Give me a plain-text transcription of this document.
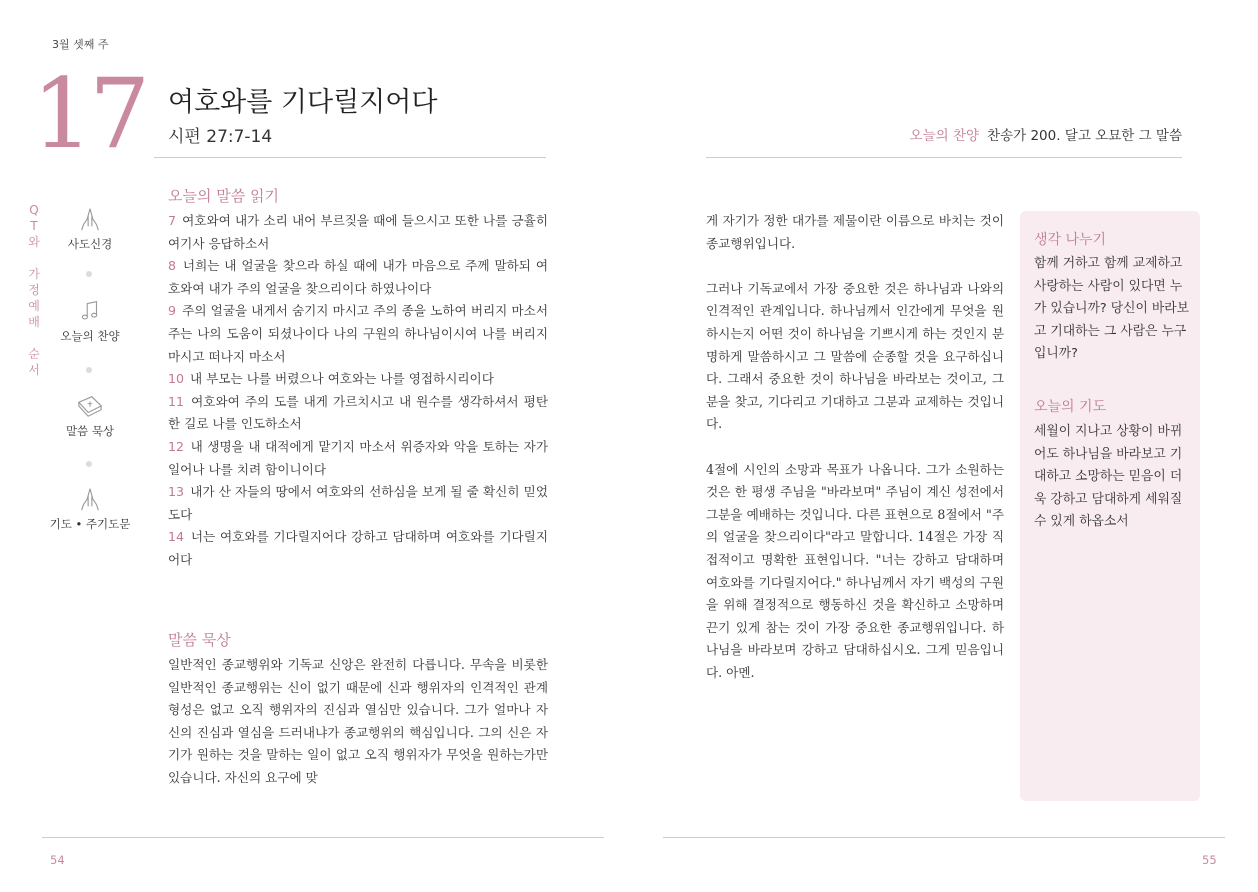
3월 셋째 주
17 여호와를 기다릴지어다
시편 27:7-14	오늘의 찬양 찬송가 200. 달고 오묘한 그 말씀
Q
T
와
가
정
예
배
순
서
사도신경
오늘의 찬양
말씀 묵상
기도 • 주기도문
오늘의 말씀 읽기

7 여호와여 내가 소리 내어 부르짖을 때에 들으시고 또한 나를 긍휼히 여기사 응답하소서

8 너희는 내 얼굴을 찾으라 하실 때에 내가 마음으로 주께 말하되 여호와여 내가 주의 얼굴을 찾으리이다 하였나이다

9 주의 얼굴을 내게서 숨기지 마시고 주의 종을 노하여 버리지 마소서 주는 나의 도움이 되셨나이다 나의 구원의 하나님이시여 나를 버리지 마시고 떠나지 마소서

10 내 부모는 나를 버렸으나 여호와는 나를 영접하시리이다

11 여호와여 주의 도를 내게 가르치시고 내 원수를 생각하셔서 평탄한 길로 나를 인도하소서

12 내 생명을 내 대적에게 맡기지 마소서 위증자와 악을 토하는 자가 일어나 나를 치려 함이니이다

13 내가 산 자들의 땅에서 여호와의 선하심을 보게 될 줄 확신히 믿었도다

14 너는 여호와를 기다릴지어다 강하고 담대하며 여호와를 기다릴지어다

말씀 묵상
일반적인 종교행위와 기독교 신앙은 완전히 다릅니다. 무속을 비롯한 일반적인 종교행위는 신이 없기 때문에 신과 행위자의 인격적인 관계 형성은 없고 오직 행위자의 진심과 열심만 있습니다. 그가 얼마나 자신의 진심과 열심을 드러내냐가 종교행위의 핵심입니다. 그의 신은 자기가 원하는 것을 말하는 일이 없고 오직 행위자가 무엇을 원하는가만 있습니다. 자신의 요구에 맞

게 자기가 정한 대가를 제물이란 이름으로 바치는 것이 종교행위입니다.

그러나 기독교에서 가장 중요한 것은 하나님과 나와의 인격적인 관계입니다. 하나님께서 인간에게 무엇을 원하시는지 어떤 것이 하나님을 기쁘시게 하는 것인지 분명하게 말씀하시고 그 말씀에 순종할 것을 요구하십니다. 그래서 중요한 것이 하나님을 바라보는 것이고, 그분을 찾고, 기다리고 기대하고 그분과 교제하는 것입니다.

4절에 시인의 소망과 목표가 나옵니다. 그가 소원하는 것은 한 평생 주님을 "바라보며" 주님이 계신 성전에서 그분을 예배하는 것입니다. 다른 표현으로 8절에서 "주의 얼굴을 찾으리이다"라고 말합니다. 14절은 가장 직접적이고 명확한 표현입니다. "너는 강하고 담대하며 여호와를 기다릴지어다." 하나님께서 자기 백성의 구원을 위해 결정적으로 행동하신 것을 확신하고 소망하며 끈기 있게 참는 것이 가장 중요한 종교행위입니다. 하나님을 바라보며 강하고 담대하십시오. 그게 믿음입니다. 아멘.

생각 나누기
함께 거하고 함께 교제하고 사랑하는 사람이 있다면 누가 있습니까? 당신이 바라보고 기대하는 그 사람은 누구입니까?
오늘의 기도
세월이 지나고 상황이 바뀌어도 하나님을 바라보고 기대하고 소망하는 믿음이 더욱 강하고 담대하게 세워질 수 있게 하옵소서
54	55
